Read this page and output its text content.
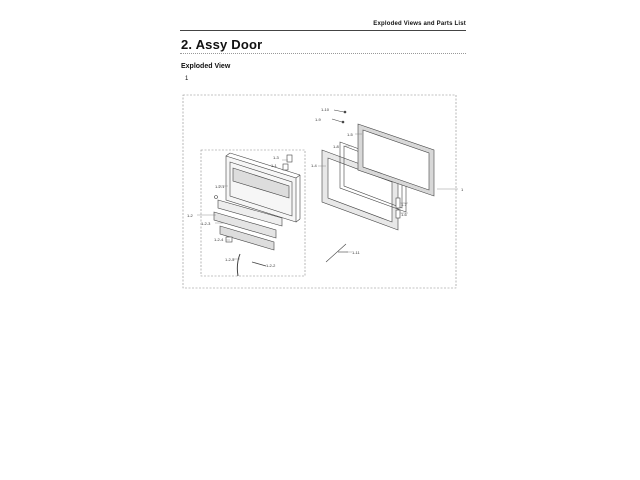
Exploded Views and Parts List
2. Assy Door
Exploded View
1
1
1-1
1-2
1-2-1
1-2-2
1-2-3
1-2-4
1-2-5
1-3
1-4
1-5
1-6
1-7
1-8
1-9
1-10
1-11
